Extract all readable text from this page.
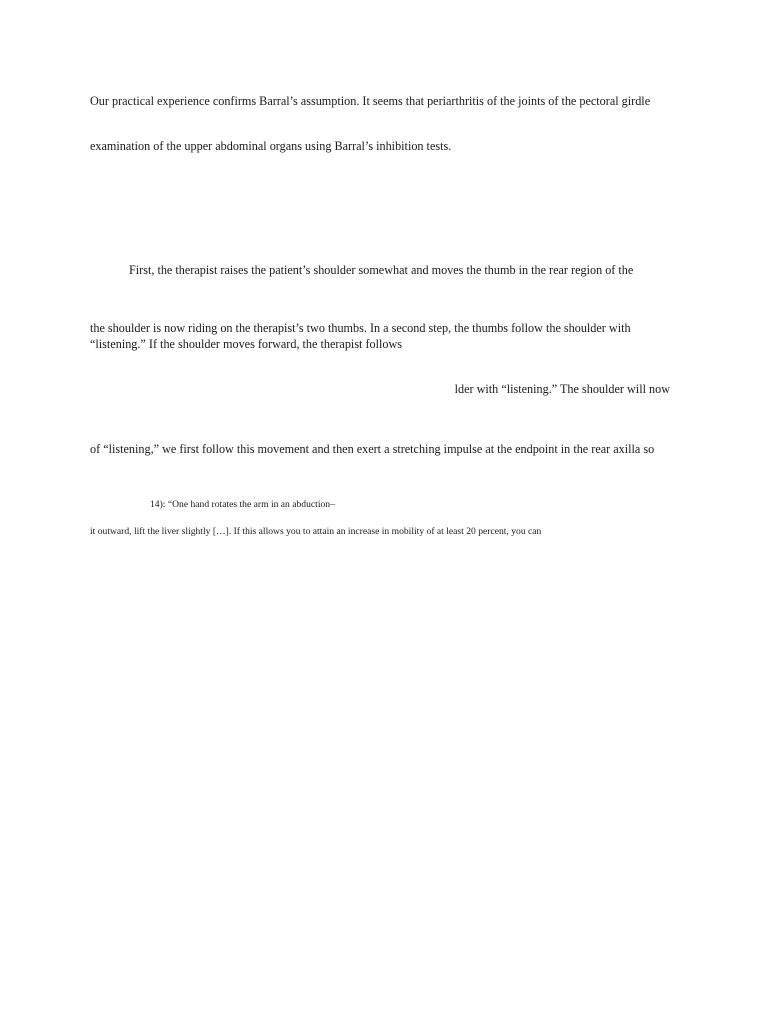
Our practical experience confirms Barral’s assumption. It seems that periarthritis of the joints of the pectoral girdle
examination of the upper abdominal organs using Barral’s inhibition tests.
First, the therapist raises the patient’s shoulder somewhat and moves the thumb in the rear region of the
the shoulder is now riding on the therapist’s two thumbs. In a second step, the thumbs follow the shoulder with
“listening.” If the shoulder moves forward, the therapist follows
lder with “listening.” The shoulder will now
of “listening,” we first follow this movement and then exert a stretching impulse at the endpoint in the rear axilla so
14): “One hand rotates the arm in an abduction–
it outward, lift the liver slightly […]. If this allows you to attain an increase in mobility of at least 20 percent, you can
